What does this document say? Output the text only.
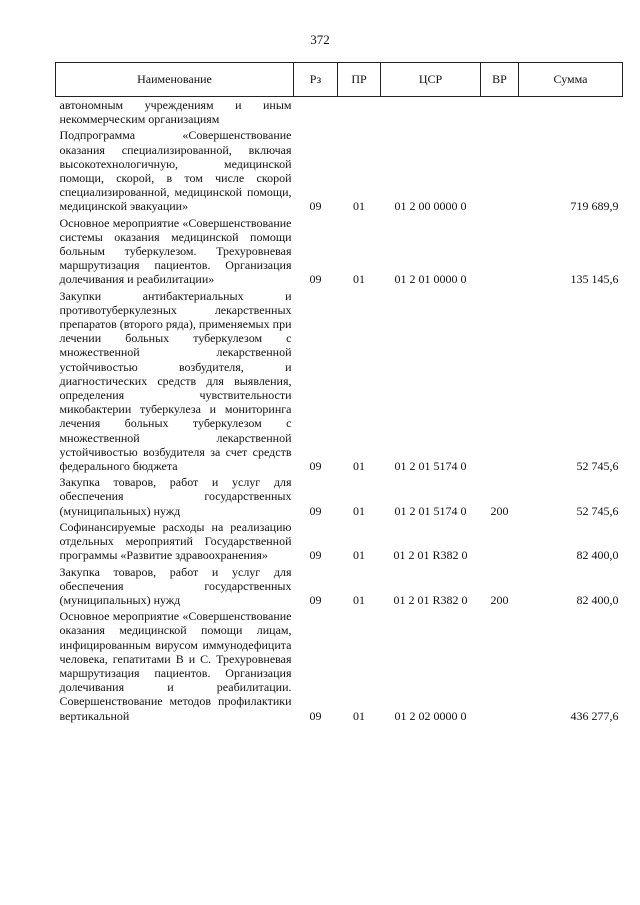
372
Наименование	Рз	ПР	ЦСР	ВР	Сумма
автономным учреждениям и иным некоммерческим организациям					
Подпрограмма «Совершенствование оказания специализированной, включая высокотехнологичную, медицинской помощи, скорой, в том числе скорой специализированной, медицинской помощи, медицинской эвакуации»	09	01	01 2 00 0000 0		719 689,9
Основное мероприятие «Совершенствование системы оказания медицинской помощи больным туберкулезом. Трехуровневая маршрутизация пациентов. Организация долечивания и реабилитации»	09	01	01 2 01 0000 0		135 145,6
Закупки антибактериальных и противотуберкулезных лекарственных препаратов (второго ряда), применяемых при лечении больных туберкулезом с множественной лекарственной устойчивостью возбудителя, и диагностических средств для выявления, определения чувствительности микобактерии туберкулеза и мониторинга лечения больных туберкулезом с множественной лекарственной устойчивостью возбудителя за счет средств федерального бюджета	09	01	01 2 01 5174 0		52 745,6
Закупка товаров, работ и услуг для обеспечения государственных (муниципальных) нужд	09	01	01 2 01 5174 0	200	52 745,6
Софинансируемые расходы на реализацию отдельных мероприятий Государственной программы «Развитие здравоохранения»	09	01	01 2 01 R382 0		82 400,0
Закупка товаров, работ и услуг для обеспечения государственных (муниципальных) нужд	09	01	01 2 01 R382 0	200	82 400,0
Основное мероприятие «Совершенствование оказания медицинской помощи лицам, инфицированным вирусом иммунодефицита человека, гепатитами В и С. Трехуровневая маршрутизация пациентов. Организация долечивания и реабилитации. Совершенствование методов профилактики вертикальной	09	01	01 2 02 0000 0		436 277,6
